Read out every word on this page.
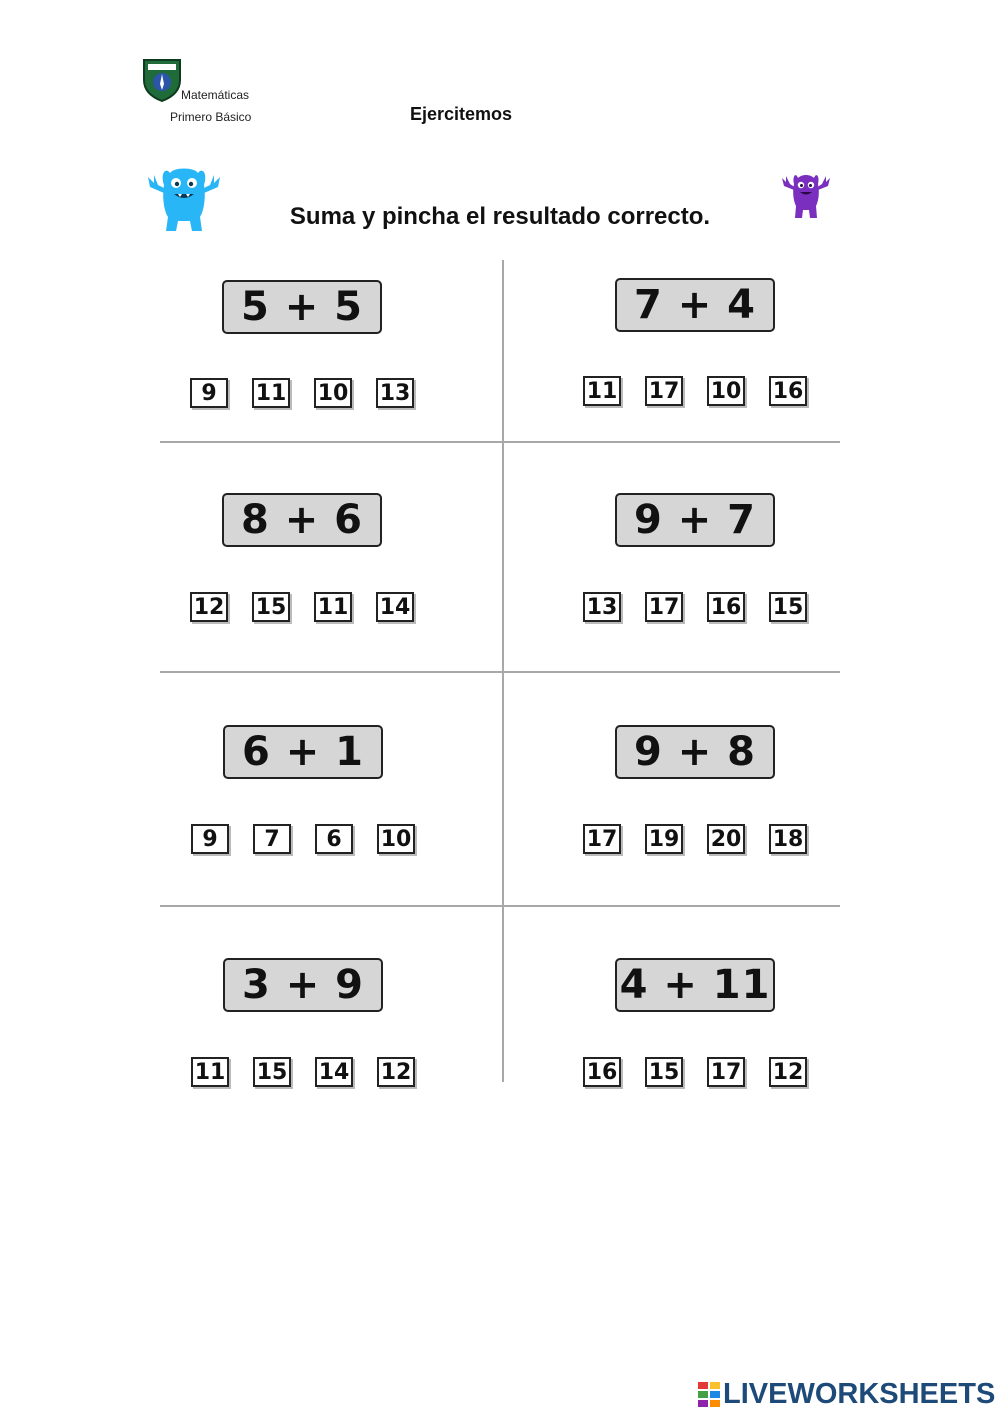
Matemáticas
Primero Básico	Ejercitemos
Suma y pincha el resultado correcto.
5 + 5
9	11 10 13
7 + 4
11 17 10 16
8 + 6
12 15 11 14
9 + 7
13 17 16 15
6 + 1
9	7	6	10
9 + 8
17 19 20 18
3 + 9
11 15 14 12
4 + 11
16 15 17 12
LIVEWORKSHEETS
